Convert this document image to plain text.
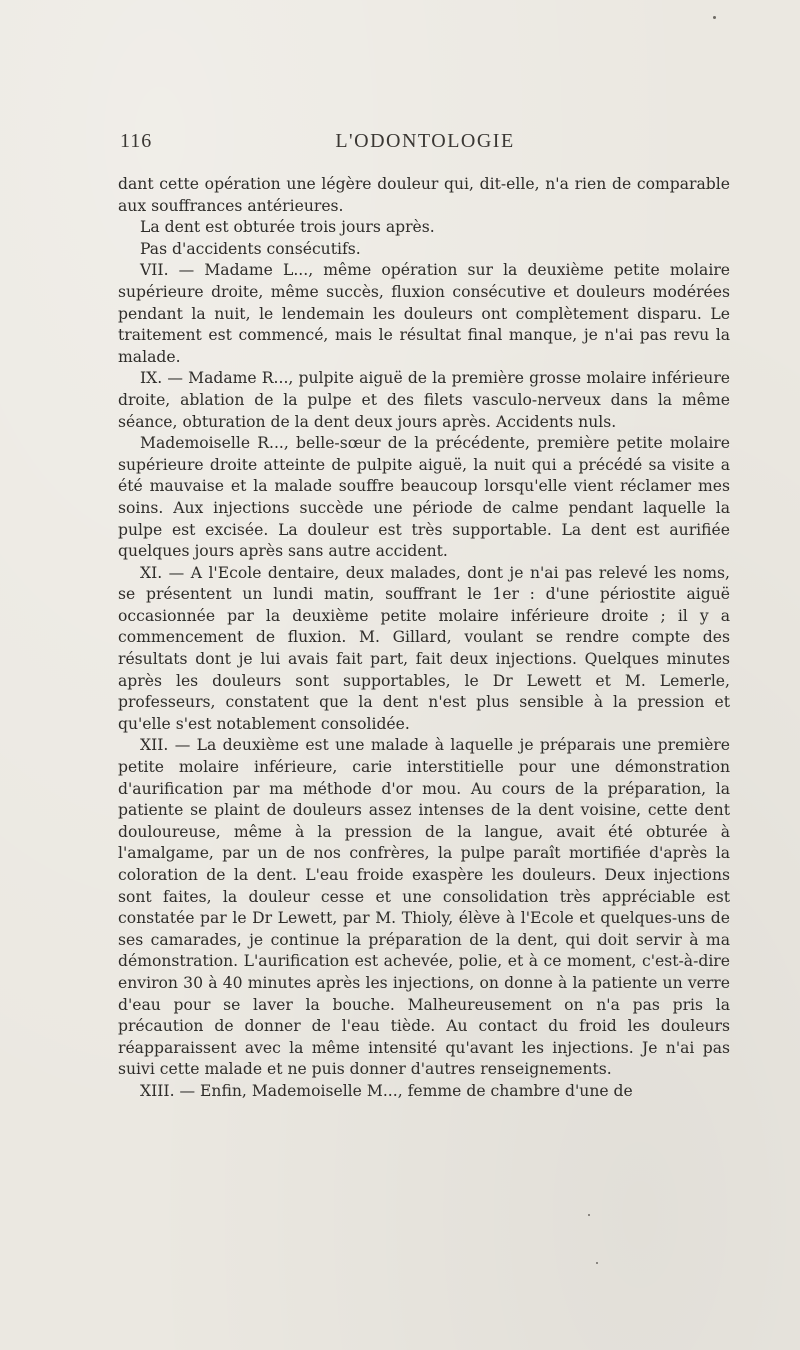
116	L'ODONTOLOGIE

dant cette opération une légère douleur qui, dit-elle, n'a rien de comparable aux souffrances antérieures.

La dent est obturée trois jours après.

Pas d'accidents consécutifs.

VII. — Madame L..., même opération sur la deuxième petite molaire supérieure droite, même succès, fluxion consécutive et douleurs modérées pendant la nuit, le lendemain les douleurs ont complètement disparu. Le traitement est commencé, mais le résultat final manque, je n'ai pas revu la malade.

IX. — Madame R..., pulpite aiguë de la première grosse molaire inférieure droite, ablation de la pulpe et des filets vasculo-nerveux dans la même séance, obturation de la dent deux jours après. Accidents nuls.

Mademoiselle R..., belle-sœur de la précédente, première petite molaire supérieure droite atteinte de pulpite aiguë, la nuit qui a précédé sa visite a été mauvaise et la malade souffre beaucoup lorsqu'elle vient réclamer mes soins. Aux injections succède une période de calme pendant laquelle la pulpe est excisée. La douleur est très supportable. La dent est aurifiée quelques jours après sans autre accident.

XI. — A l'Ecole dentaire, deux malades, dont je n'ai pas relevé les noms, se présentent un lundi matin, souffrant le 1er : d'une périostite aiguë occasionnée par la deuxième petite molaire inférieure droite ; il y a commencement de fluxion. M. Gillard, voulant se rendre compte des résultats dont je lui avais fait part, fait deux injections. Quelques minutes après les douleurs sont supportables, le Dr Lewett et M. Lemerle, professeurs, constatent que la dent n'est plus sensible à la pression et qu'elle s'est notablement consolidée.

XII. — La deuxième est une malade à laquelle je préparais une première petite molaire inférieure, carie interstitielle pour une démonstration d'aurification par ma méthode d'or mou. Au cours de la préparation, la patiente se plaint de douleurs assez intenses de la dent voisine, cette dent douloureuse, même à la pression de la langue, avait été obturée à l'amalgame, par un de nos confrères, la pulpe paraît mortifiée d'après la coloration de la dent. L'eau froide exaspère les douleurs. Deux injections sont faites, la douleur cesse et une consolidation très appréciable est constatée par le Dr Lewett, par M. Thioly, élève à l'Ecole et quelques-uns de ses camarades, je continue la préparation de la dent, qui doit servir à ma démonstration. L'aurification est achevée, polie, et à ce moment, c'est-à-dire environ 30 à 40 minutes après les injections, on donne à la patiente un verre d'eau pour se laver la bouche. Malheureusement on n'a pas pris la précaution de donner de l'eau tiède. Au contact du froid les douleurs réapparaissent avec la même intensité qu'avant les injections. Je n'ai pas suivi cette malade et ne puis donner d'autres renseignements.

XIII. — Enfin, Mademoiselle M..., femme de chambre d'une de
